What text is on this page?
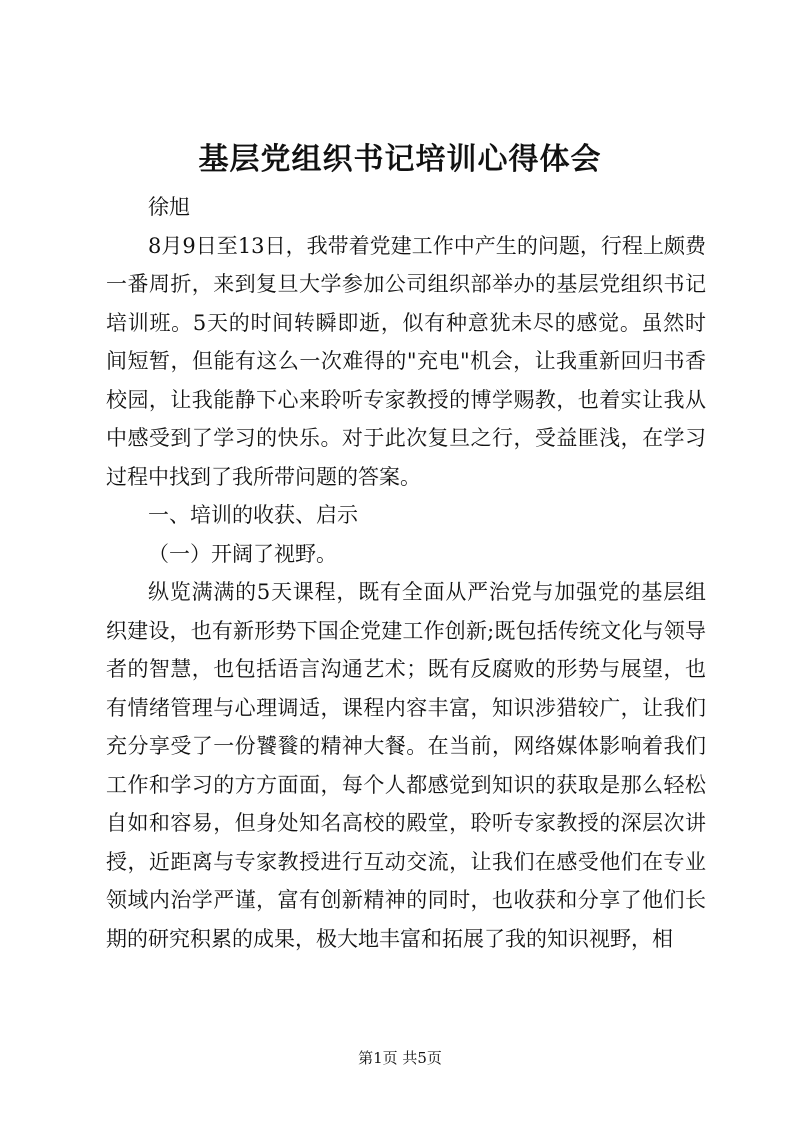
基层党组织书记培训心得体会

徐旭

8月9日至13日，我带着党建工作中产生的问题，行程上颇费一番周折，来到复旦大学参加公司组织部举办的基层党组织书记培训班。5天的时间转瞬即逝，似有种意犹未尽的感觉。虽然时间短暂，但能有这么一次难得的"充电"机会，让我重新回归书香校园，让我能静下心来聆听专家教授的博学赐教，也着实让我从中感受到了学习的快乐。对于此次复旦之行，受益匪浅，在学习过程中找到了我所带问题的答案。

一、培训的收获、启示

（一）开阔了视野。

纵览满满的5天课程，既有全面从严治党与加强党的基层组织建设，也有新形势下国企党建工作创新;既包括传统文化与领导者的智慧，也包括语言沟通艺术；既有反腐败的形势与展望，也有情绪管理与心理调适，课程内容丰富，知识涉猎较广，让我们充分享受了一份饕餮的精神大餐。在当前，网络媒体影响着我们工作和学习的方方面面，每个人都感觉到知识的获取是那么轻松自如和容易，但身处知名高校的殿堂，聆听专家教授的深层次讲授，近距离与专家教授进行互动交流，让我们在感受他们在专业领域内治学严谨，富有创新精神的同时，也收获和分享了他们长期的研究积累的成果，极大地丰富和拓展了我的知识视野，相

第1页 共5页
